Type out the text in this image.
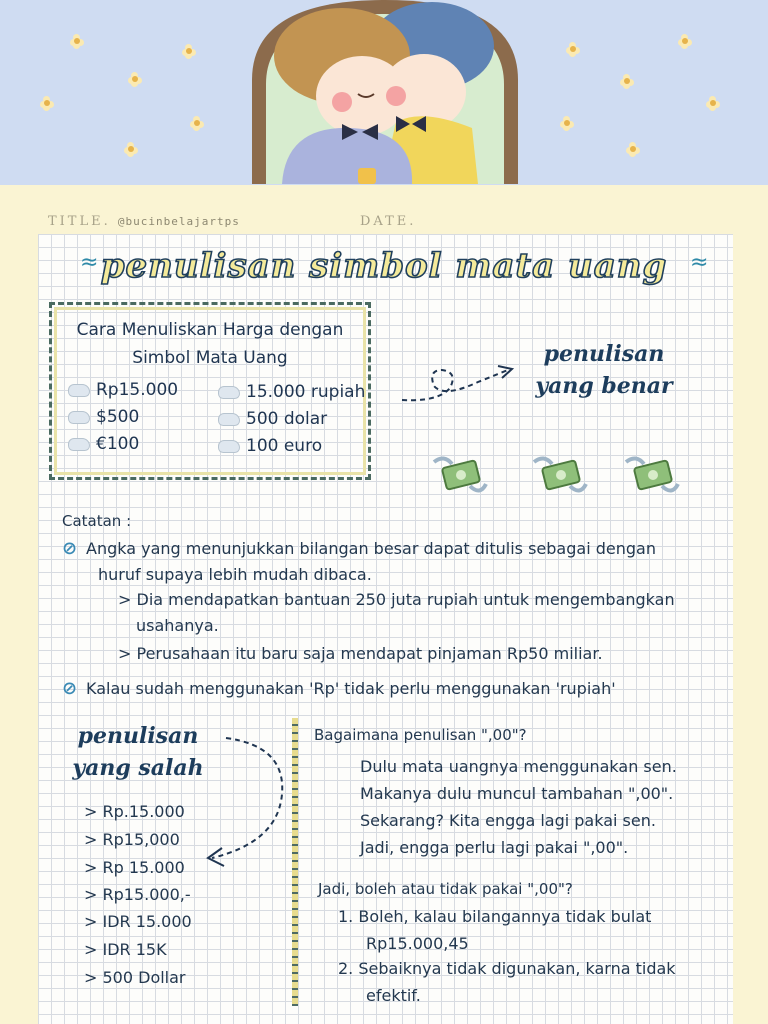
TITLE. @bucinbelajartps	DATE.
≈	≈
penulisan simbol mata uang
Cara Menuliskan Harga dengan
Simbol Mata Uang
Rp15.000
$500
€100
15.000 rupiah
500 dolar
100 euro
penulisan
yang benar
Catatan :
⊘ Angka yang menunjukkan bilangan besar dapat ditulis sebagai dengan
huruf supaya lebih mudah dibaca.
> Dia mendapatkan bantuan 250 juta rupiah untuk mengembangkan
usahanya.
> Perusahaan itu baru saja mendapat pinjaman Rp50 miliar.
⊘ Kalau sudah menggunakan 'Rp' tidak perlu menggunakan 'rupiah'
penulisan
yang salah
> Rp.15.000
> Rp15,000
> Rp 15.000
> Rp15.000,-
> IDR 15.000
> IDR 15K
> 500 Dollar
Bagaimana penulisan ",00"?
Dulu mata uangnya menggunakan sen.
Makanya dulu muncul tambahan ",00".
Sekarang? Kita engga lagi pakai sen.
Jadi, engga perlu lagi pakai ",00".
Jadi, boleh atau tidak pakai ",00"?
1. Boleh, kalau bilangannya tidak bulat
Rp15.000,45
2. Sebaiknya tidak digunakan, karna tidak
efektif.
